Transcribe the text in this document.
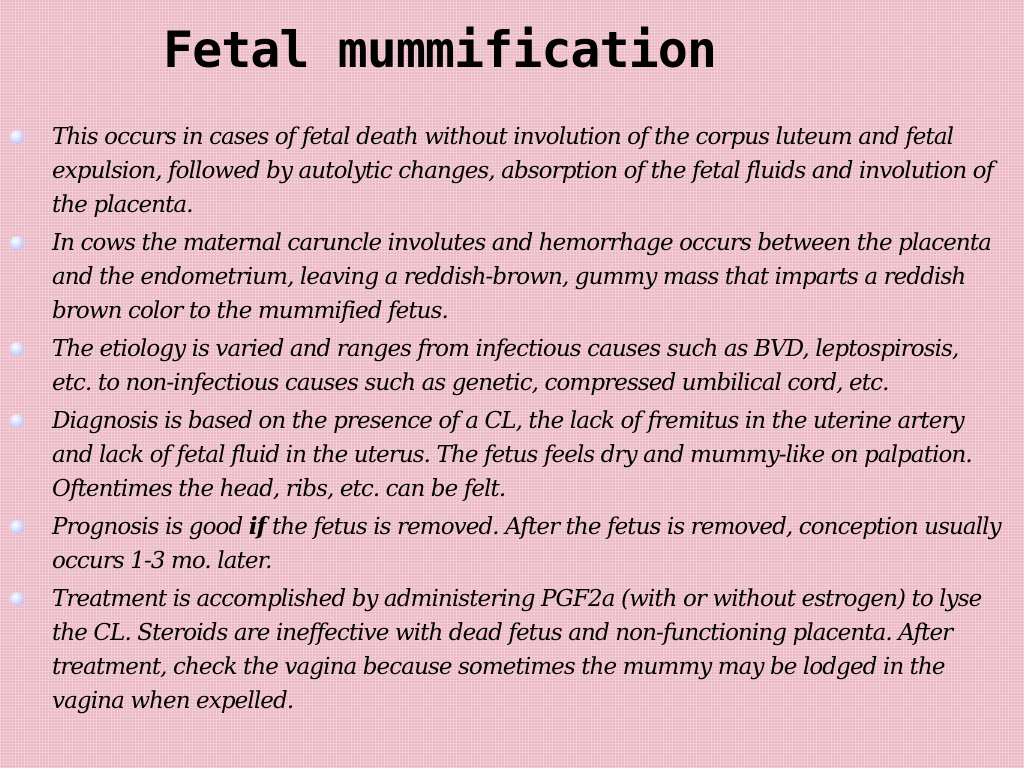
Fetal mummification
This occurs in cases of fetal death without involution of the corpus luteum and fetal expulsion, followed by autolytic changes, absorption of the fetal fluids and involution of the placenta.
In cows the maternal caruncle involutes and hemorrhage occurs between the placenta and the endometrium, leaving a reddish-brown, gummy mass that imparts a reddish brown color to the mummified fetus.
The etiology is varied and ranges from infectious causes such as BVD, leptospirosis, etc. to non-infectious causes such as genetic, compressed umbilical cord, etc.
Diagnosis is based on the presence of a CL, the lack of fremitus in the uterine artery and lack of fetal fluid in the uterus. The fetus feels dry and mummy-like on palpation. Oftentimes the head, ribs, etc. can be felt.
Prognosis is good if the fetus is removed. After the fetus is removed, conception usually occurs 1-3 mo. later.
Treatment is accomplished by administering PGF2a (with or without estrogen) to lyse the CL. Steroids are ineffective with dead fetus and non-functioning placenta. After treatment, check the vagina because sometimes the mummy may be lodged in the vagina when expelled.
